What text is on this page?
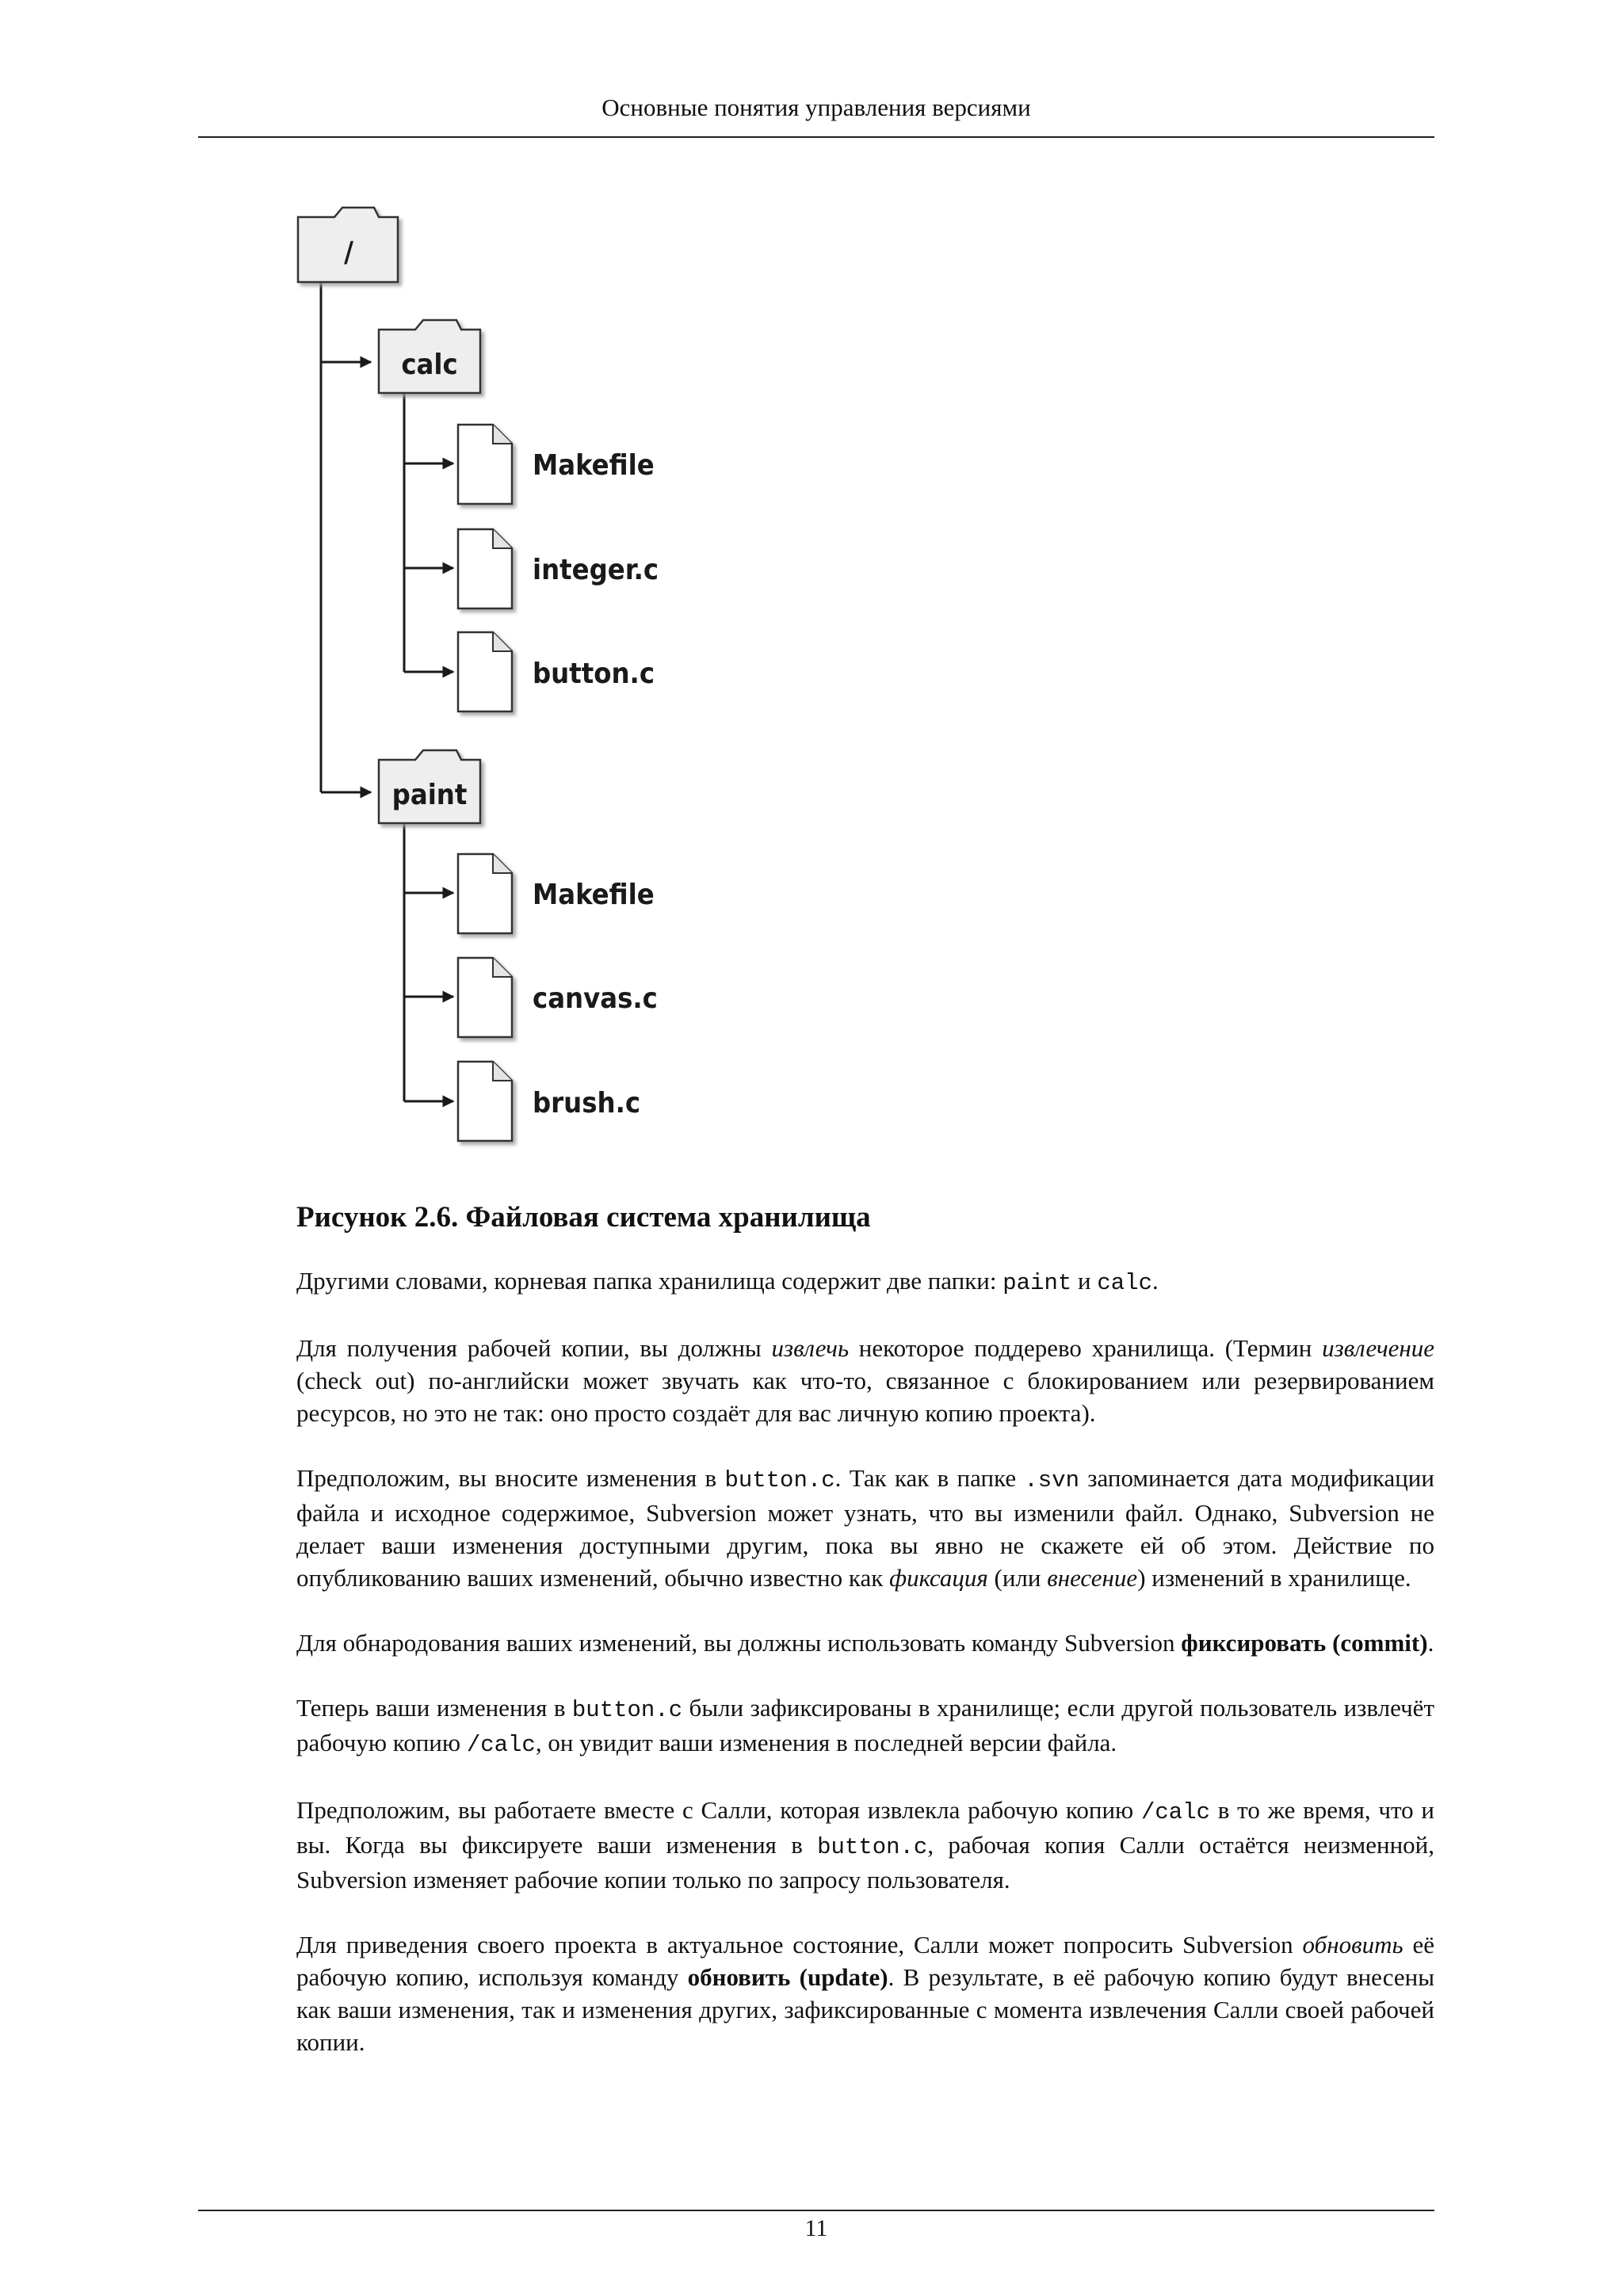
Основные понятия управления версиями
/
calc
Makefile
integer.c
button.c
paint
Makefile
canvas.c
brush.c
Рисунок 2.6. Файловая система хранилища

Другими словами, корневая папка хранилища содержит две папки: paint и calc.

Для получения рабочей копии, вы должны извлечь некоторое поддерево хранилища. (Термин извлечение (check out) по-английски может звучать как что-то, связанное с блокированием или резервированием ресурсов, но это не так: оно просто создаёт для вас личную копию проекта).

Предположим, вы вносите изменения в button.c. Так как в папке .svn запоминается дата модификации файла и исходное содержимое, Subversion может узнать, что вы изменили файл. Однако, Subversion не делает ваши изменения доступными другим, пока вы явно не скажете ей об этом. Действие по опубликованию ваших изменений, обычно известно как фиксация (или внесение) изменений в хранилище.

Для обнародования ваших изменений, вы должны использовать команду Subversion фиксировать (commit).

Теперь ваши изменения в button.c были зафиксированы в хранилище; если другой пользователь извлечёт рабочую копию /calc, он увидит ваши изменения в последней версии файла.

Предположим, вы работаете вместе с Салли, которая извлекла рабочую копию /calc в то же время, что и вы. Когда вы фиксируете ваши изменения в button.c, рабочая копия Салли остаётся неизменной, Subversion изменяет рабочие копии только по запросу пользователя.

Для приведения своего проекта в актуальное состояние, Салли может попросить Subversion обновить её рабочую копию, используя команду обновить (update). В результате, в её рабочую копию будут внесены как ваши изменения, так и изменения других, зафиксированные с момента извлечения Салли своей рабочей копии.

11
